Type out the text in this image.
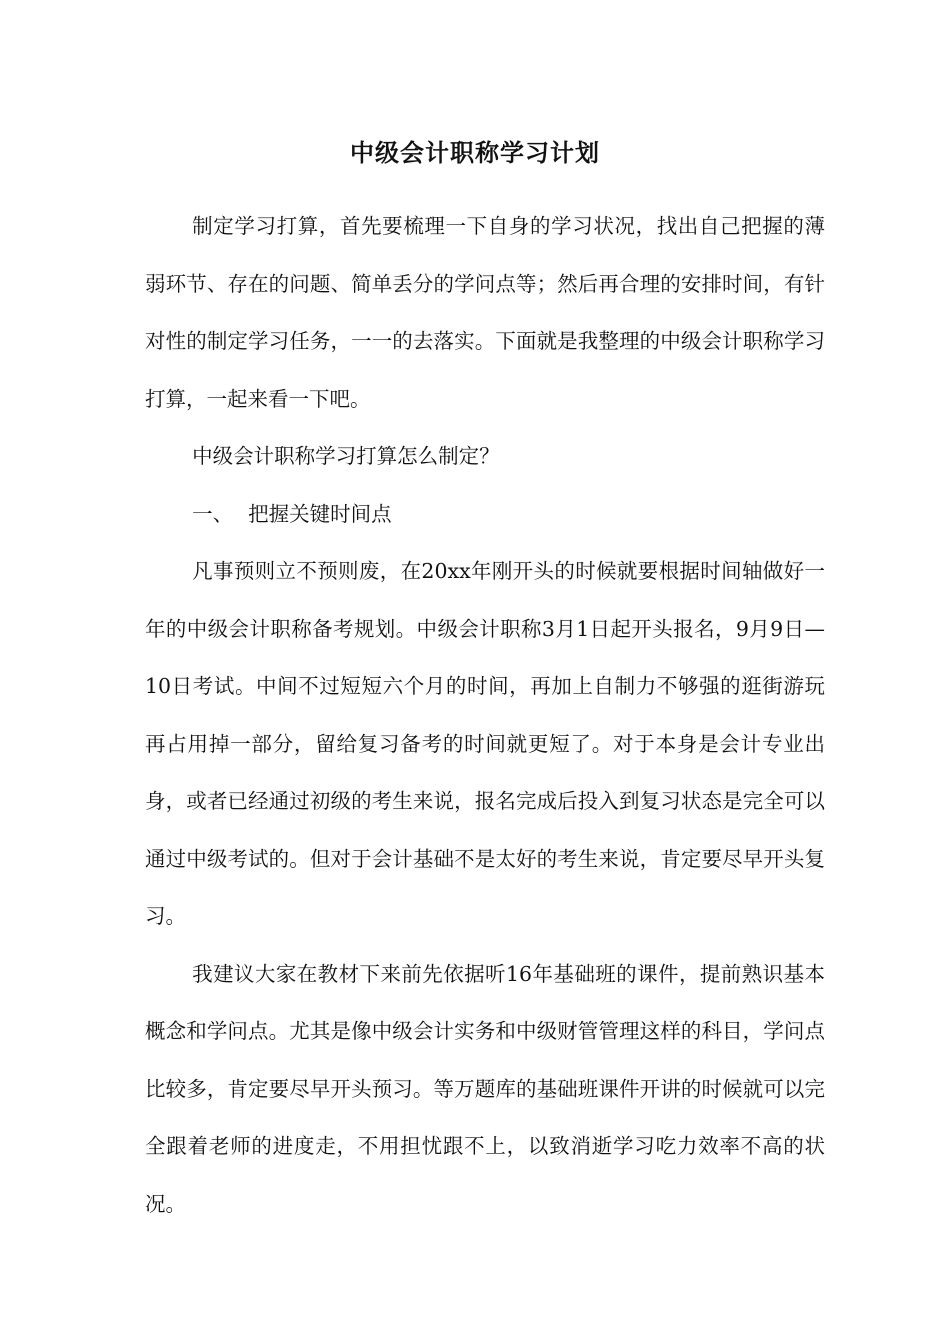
中级会计职称学习计划

制定学习打算，首先要梳理一下自身的学习状况，找出自己把握的薄弱环节、存在的问题、简单丢分的学问点等；然后再合理的安排时间，有针对性的制定学习任务，一一的去落实。下面就是我整理的中级会计职称学习打算，一起来看一下吧。

中级会计职称学习打算怎么制定？

一、 把握关键时间点

凡事预则立不预则废，在20xx年刚开头的时候就要根据时间轴做好一年的中级会计职称备考规划。中级会计职称3月1日起开头报名，9月9日—10日考试。中间不过短短六个月的时间，再加上自制力不够强的逛街游玩再占用掉一部分，留给复习备考的时间就更短了。对于本身是会计专业出身，或者已经通过初级的考生来说，报名完成后投入到复习状态是完全可以通过中级考试的。但对于会计基础不是太好的考生来说，肯定要尽早开头复习。

我建议大家在教材下来前先依据听16年基础班的课件，提前熟识基本概念和学问点。尤其是像中级会计实务和中级财管管理这样的科目，学问点比较多，肯定要尽早开头预习。等万题库的基础班课件开讲的时候就可以完全跟着老师的进度走，不用担忧跟不上，以致消逝学习吃力效率不高的状况。
